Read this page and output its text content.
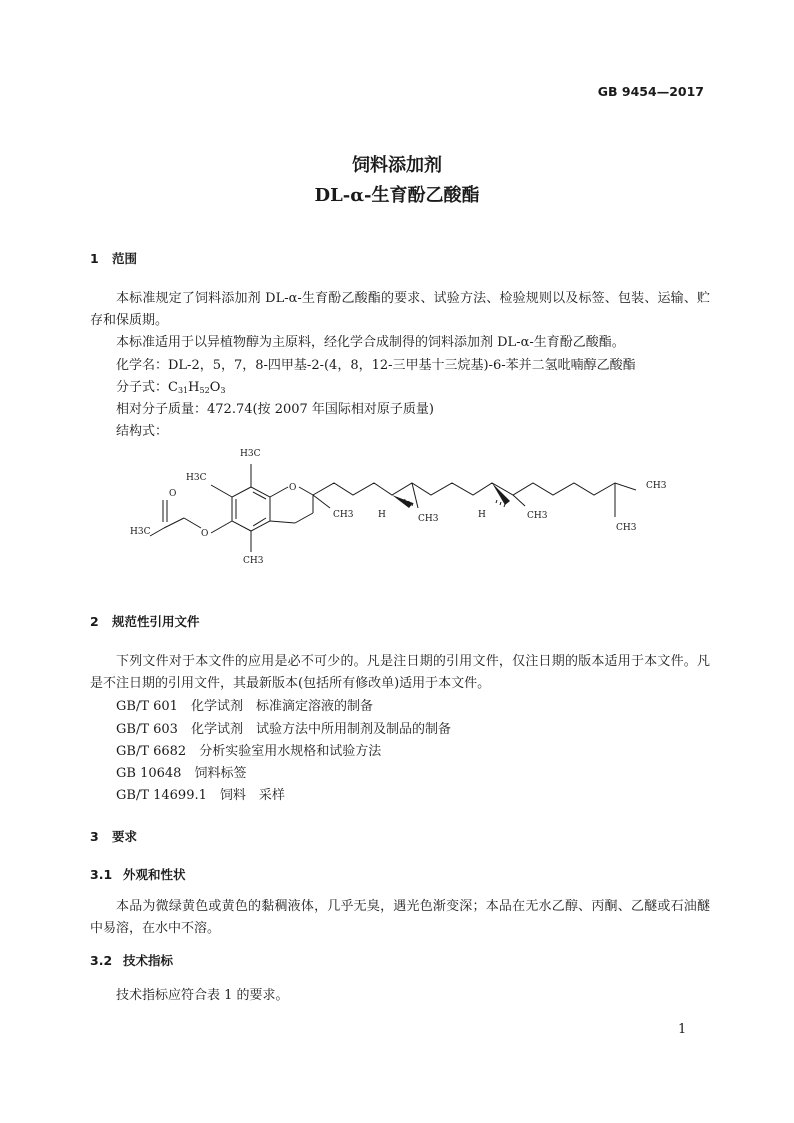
GB 9454—2017
饲料添加剂
DL-α-生育酚乙酸酯
1 范围
本标准规定了饲料添加剂 DL-α-生育酚乙酸酯的要求、试验方法、检验规则以及标签、包装、运输、贮存和保质期。
本标准适用于以异植物醇为主原料，经化学合成制得的饲料添加剂 DL-α-生育酚乙酸酯。
化学名：DL-2，5，7，8-四甲基-2-(4，8，12-三甲基十三烷基)-6-苯并二氢吡喃醇乙酸酯
分子式：$C_{31}H_{52}O_3$
相对分子质量：472.74(按 2007 年国际相对原子质量)
结构式：
H3C
H3C
O
O
O
H3C
CH3
CH3	H	CH3	H	CH3
CH3
CH3
2 规范性引用文件
下列文件对于本文件的应用是必不可少的。凡是注日期的引用文件，仅注日期的版本适用于本文件。凡是不注日期的引用文件，其最新版本(包括所有修改单)适用于本文件。
GB/T 601 化学试剂　标准滴定溶液的制备
GB/T 603 化学试剂　试验方法中所用制剂及制品的制备
GB/T 6682 分析实验室用水规格和试验方法
GB 10648 饲料标签
GB/T 14699.1 饲料　采样
3 要求
3.1 外观和性状
本品为微绿黄色或黄色的黏稠液体，几乎无臭，遇光色渐变深；本品在无水乙醇、丙酮、乙醚或石油醚中易溶，在水中不溶。
3.2 技术指标
技术指标应符合表 1 的要求。
1
